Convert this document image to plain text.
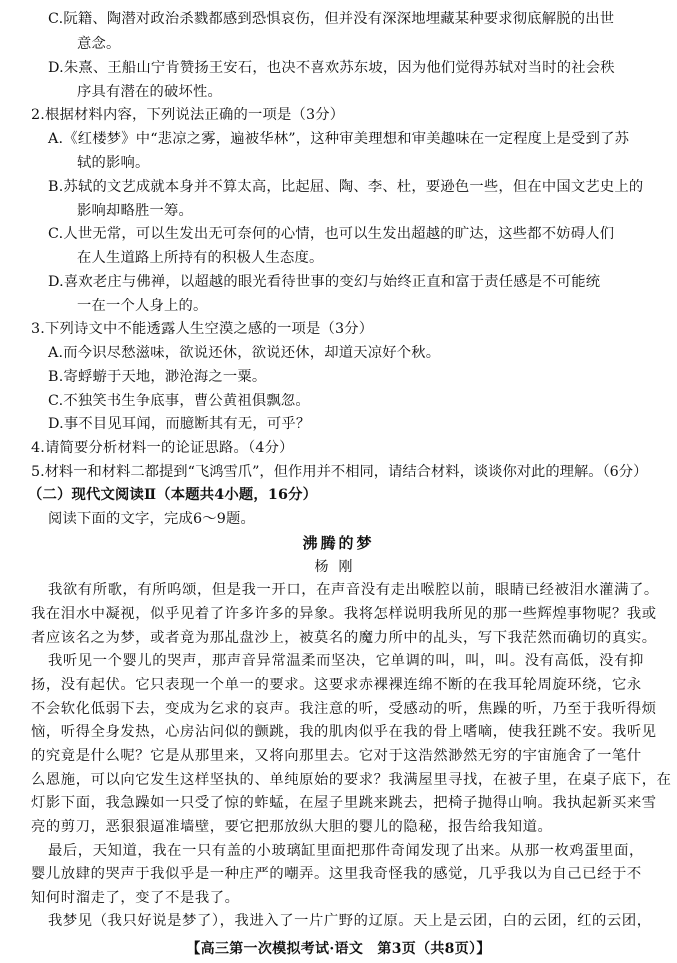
C.阮籍、陶潜对政治杀戮都感到恐惧哀伤，但并没有深深地埋藏某种要求彻底解脱的出世
意念。
D.朱熹、王船山宁肯赞扬王安石，也决不喜欢苏东坡，因为他们觉得苏轼对当时的社会秩
序具有潜在的破坏性。
2.根据材料内容，下列说法正确的一项是（3分）
A.《红楼梦》中“悲凉之雾，遍被华林”，这种审美理想和审美趣味在一定程度上是受到了苏
轼的影响。
B.苏轼的文艺成就本身并不算太高，比起屈、陶、李、杜，要逊色一些，但在中国文艺史上的
影响却略胜一筹。
C.人世无常，可以生发出无可奈何的心情，也可以生发出超越的旷达，这些都不妨碍人们
在人生道路上所持有的积极人生态度。
D.喜欢老庄与佛禅，以超越的眼光看待世事的变幻与始终正直和富于责任感是不可能统
一在一个人身上的。
3.下列诗文中不能透露人生空漠之感的一项是（3分）
A.而今识尽愁滋味，欲说还休，欲说还休，却道天凉好个秋。
B.寄蜉蝣于天地，渺沧海之一粟。
C.不独笑书生争底事，曹公黄祖俱飘忽。
D.事不目见耳闻，而臆断其有无，可乎？
4.请简要分析材料一的论证思路。（4分）
5.材料一和材料二都提到“飞鸿雪爪”，但作用并不相同，请结合材料，谈谈你对此的理解。（6分）
（二）现代文阅读Ⅱ（本题共4小题，16分）
阅读下面的文字，完成6～9题。
沸腾的梦
杨刚
我欲有所歌，有所呜颂，但是我一开口，在声音没有走出喉腔以前，眼睛已经被泪水灌满了。
我在泪水中凝视，似乎见着了许多许多的异象。我将怎样说明我所见的那一些辉煌事物呢？我或
者应该名之为梦，或者竟为那乩盘沙上，被莫名的魔力所中的乩头，写下我茫然而确切的真实。
我听见一个婴儿的哭声，那声音异常温柔而坚决，它单调的叫，叫，叫。没有高低，没有抑
扬，没有起伏。它只表现一个单一的要求。这要求赤裸裸连绵不断的在我耳轮周旋环绕，它永
不会软化低弱下去，变成为乞求的哀声。我注意的听，受感动的听，焦躁的听，乃至于我听得烦
恼，听得全身发热，心房沾问似的颤跳，我的肌肉似乎在我的骨上嗜嘀，使我狂跳不安。我听见
的究竟是什么呢？它是从那里来，又将向那里去。它对于这浩然渺然无穷的宇宙施舍了一笔什
么恩施，可以向它发生这样坚执的、单纯原始的要求？我满屋里寻找，在被子里，在桌子底下，在
灯影下面，我急躁如一只受了惊的蚱蜢，在屋子里跳来跳去，把椅子抛得山响。我执起新买来雪
亮的剪刀，恶狠狠逼准墙壁，要它把那放纵大胆的婴儿的隐秘，报告给我知道。
最后，天知道，我在一只有盖的小玻璃缸里面把那件奇闻发现了出来。从那一枚鸡蛋里面，
婴儿放肆的哭声于我似乎是一种庄严的嘲弄。这里我奇怪我的感觉，几乎我以为自己已经于不
知何时溜走了，变了不是我了。
我梦见（我只好说是梦了），我进入了一片广野的辽原。天上是云团，白的云团，红的云团，
【高三第一次模拟考试·语文　第3页（共8页）】
